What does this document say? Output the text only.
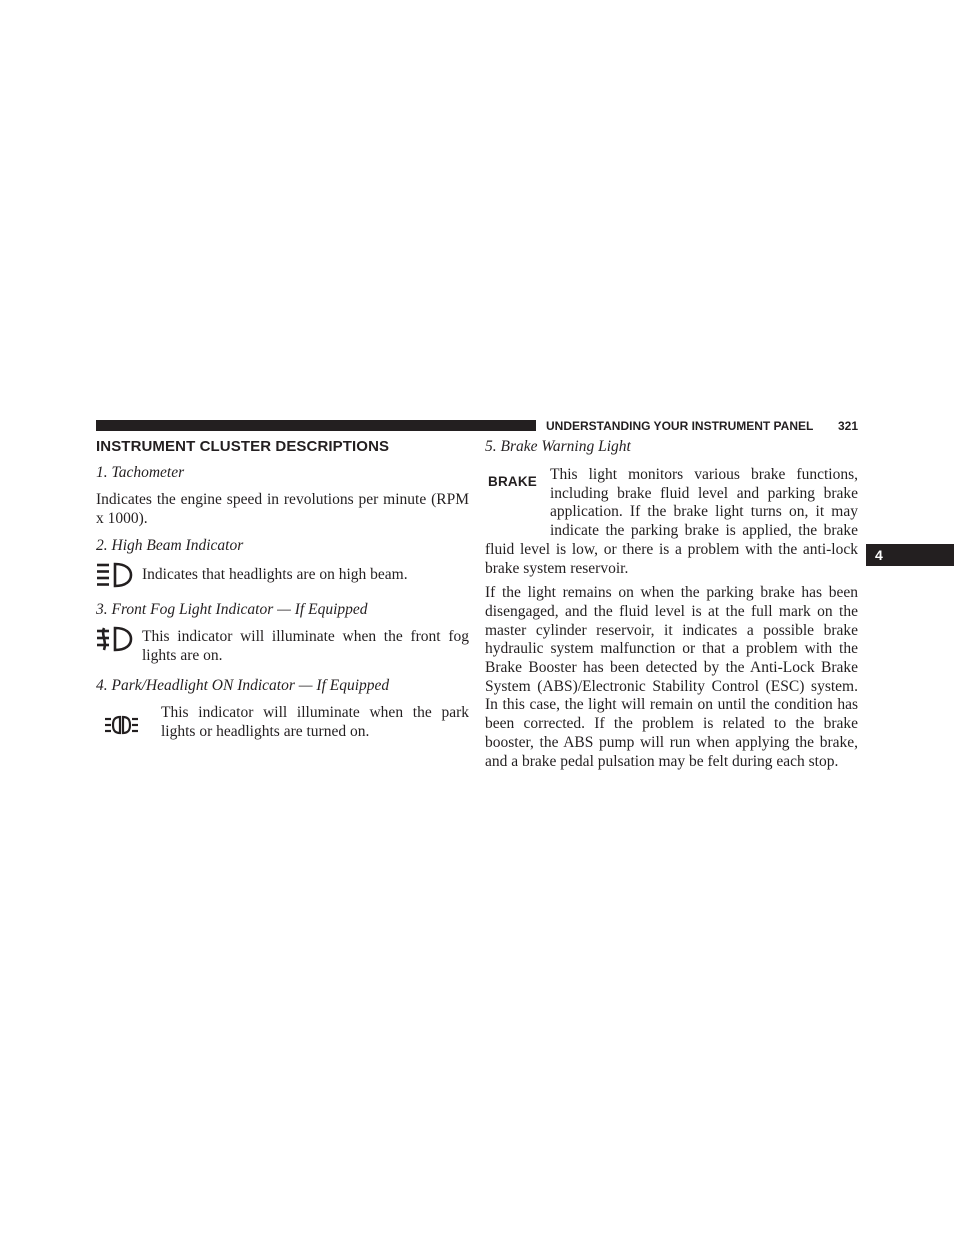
UNDERSTANDING YOUR INSTRUMENT PANEL 321
4
INSTRUMENT CLUSTER DESCRIPTIONS

1. Tachometer

Indicates the engine speed in revolutions per minute (RPM x 1000).

2. High Beam Indicator

Indicates that headlights are on high beam.

3. Front Fog Light Indicator — If Equipped

This indicator will illuminate when the front fog lights are on.

4. Park/Headlight ON Indicator — If Equipped

This indicator will illuminate when the park lights or headlights are turned on.

5. Brake Warning Light

BRAKE This light monitors various brake functions, including brake fluid level and parking brake application. If the brake light turns on, it may indicate the parking brake is applied, the brake fluid level is low, or there is a problem with the anti-lock brake system reservoir.

If the light remains on when the parking brake has been disengaged, and the fluid level is at the full mark on the master cylinder reservoir, it indicates a possible brake hydraulic system malfunction or that a problem with the Brake Booster has been detected by the Anti-Lock Brake System (ABS)/Electronic Stability Control (ESC) system. In this case, the light will remain on until the condition has been corrected. If the problem is related to the brake booster, the ABS pump will run when applying the brake, and a brake pedal pulsation may be felt during each stop.
